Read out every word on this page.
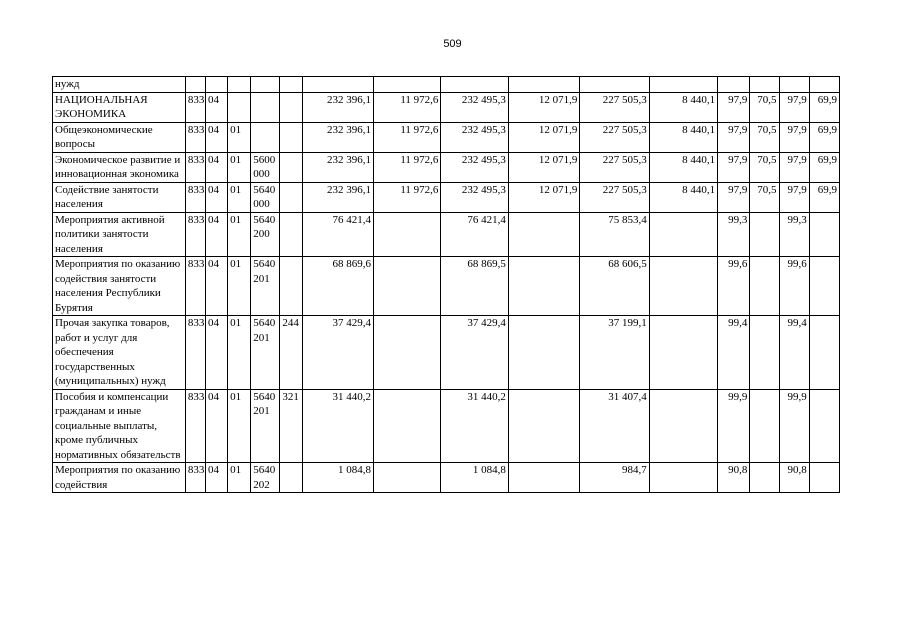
509
нужд															
НАЦИОНАЛЬНАЯ ЭКОНОМИКА	833	04				232 396,1	11 972,6	232 495,3	12 071,9	227 505,3	8 440,1	97,9	70,5	97,9	69,9
Общеэкономические вопросы	833	04	01			232 396,1	11 972,6	232 495,3	12 071,9	227 505,3	8 440,1	97,9	70,5	97,9	69,9
Экономическое развитие и инновационная экономика	833	04	01	5600 000		232 396,1	11 972,6	232 495,3	12 071,9	227 505,3	8 440,1	97,9	70,5	97,9	69,9
Содействие занятости населения	833	04	01	5640 000		232 396,1	11 972,6	232 495,3	12 071,9	227 505,3	8 440,1	97,9	70,5	97,9	69,9
Мероприятия активной политики занятости населения	833	04	01	5640 200		76 421,4		76 421,4		75 853,4		99,3		99,3	
Мероприятия по оказанию содействия занятости населения Республики Бурятия	833	04	01	5640 201		68 869,6		68 869,5		68 606,5		99,6		99,6	
Прочая закупка товаров, работ и услуг для обеспечения государственных (муниципальных) нужд	833	04	01	5640 201	244	37 429,4		37 429,4		37 199,1		99,4		99,4	
Пособия и компенсации гражданам и иные социальные выплаты, кроме публичных нормативных обязательств	833	04	01	5640 201	321	31 440,2		31 440,2		31 407,4		99,9		99,9	
Мероприятия по оказанию содействия	833	04	01	5640 202		1 084,8		1 084,8		984,7		90,8		90,8	
